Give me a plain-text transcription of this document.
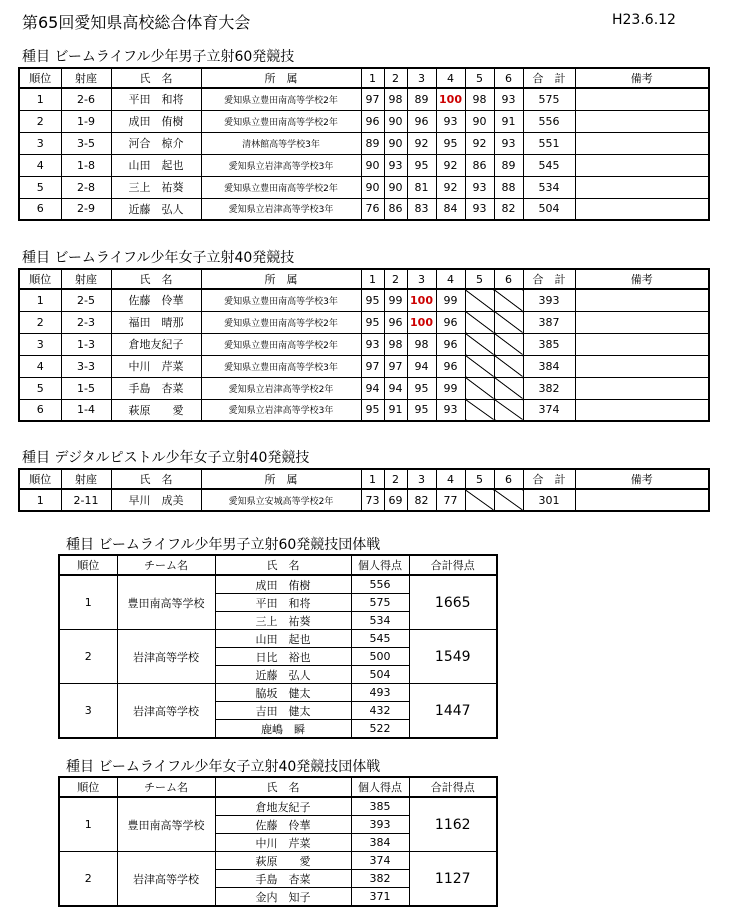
第65回愛知県高校総合体育大会	H23.6.12
種目 ビームライフル少年男子立射60発競技
順位	射座	氏　名	所　属	1	2	3	4	5	6	合　計	備考
1	2-6	平田　和将	愛知県立豊田南高等学校2年	97	98	89	100	98	93	575	
2	1-9	成田　侑樹	愛知県立豊田南高等学校2年	96	90	96	93	90	91	556	
3	3-5	河合　椋介	清林館高等学校3年	89	90	92	95	92	93	551	
4	1-8	山田　起也	愛知県立岩津高等学校3年	90	93	95	92	86	89	545	
5	2-8	三上　祐葵	愛知県立豊田南高等学校2年	90	90	81	92	93	88	534	
6	2-9	近藤　弘人	愛知県立岩津高等学校3年	76	86	83	84	93	82	504	
種目 ビームライフル少年女子立射40発競技
順位	射座	氏　名	所　属	1	2	3	4	5	6	合　計	備考
1	2-5	佐藤　伶華	愛知県立豊田南高等学校3年	95	99	100	99			393	
2	2-3	福田　晴那	愛知県立豊田南高等学校2年	95	96	100	96			387	
3	1-3	倉地友紀子	愛知県立豊田南高等学校2年	93	98	98	96			385	
4	3-3	中川　芹菜	愛知県立豊田南高等学校3年	97	97	94	96			384	
5	1-5	手島　杏菜	愛知県立岩津高等学校2年	94	94	95	99			382	
6	1-4	萩原　　愛	愛知県立岩津高等学校3年	95	91	95	93			374	
種目 デジタルピストル少年女子立射40発競技
順位	射座	氏　名	所　属	1	2	3	4	5	6	合　計	備考
1	2-11	早川　成美	愛知県立安城高等学校2年	73	69	82	77			301	
種目 ビームライフル少年男子立射60発競技団体戦
順位	チーム名	氏　名	個人得点	合計得点
1	豊田南高等学校	成田　侑樹	556	1665
		平田　和将	575	
		三上　祐葵	534	
2	岩津高等学校	山田　起也	545	1549
		日比　裕也	500	
		近藤　弘人	504	
3	岩津高等学校	脇坂　健太	493	1447
		吉田　健太	432	
		鹿嶋　瞬	522	
種目 ビームライフル少年女子立射40発競技団体戦
順位	チーム名	氏　名	個人得点	合計得点
1	豊田南高等学校	倉地友紀子	385	1162
		佐藤　伶華	393	
		中川　芹菜	384	
2	岩津高等学校	萩原　　愛	374	1127
		手島　杏菜	382	
		金内　知子	371	
